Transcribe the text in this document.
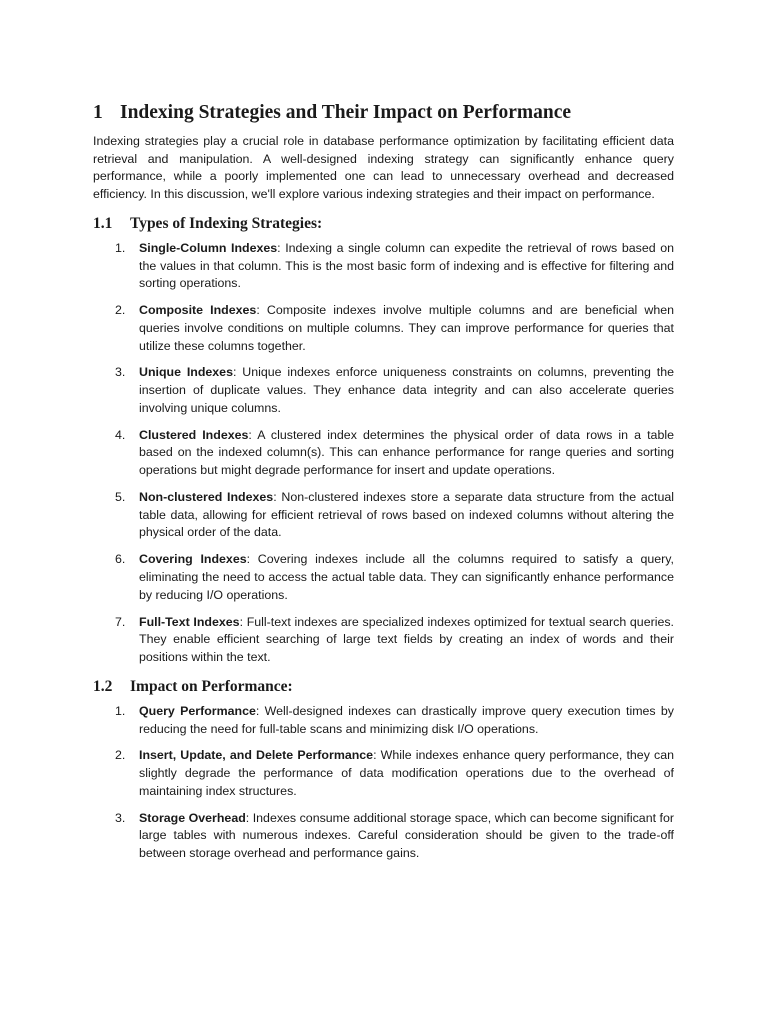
1 Indexing Strategies and Their Impact on Performance

Indexing strategies play a crucial role in database performance optimization by facilitating efficient data retrieval and manipulation. A well-designed indexing strategy can significantly enhance query performance, while a poorly implemented one can lead to unnecessary overhead and decreased efficiency. In this discussion, we'll explore various indexing strategies and their impact on performance.

1.1 Types of Indexing Strategies:
1. Single-Column Indexes: Indexing a single column can expedite the retrieval of rows based on the values in that column. This is the most basic form of indexing and is effective for filtering and sorting operations.
2. Composite Indexes: Composite indexes involve multiple columns and are beneficial when queries involve conditions on multiple columns. They can improve performance for queries that utilize these columns together.
3. Unique Indexes: Unique indexes enforce uniqueness constraints on columns, preventing the insertion of duplicate values. They enhance data integrity and can also accelerate queries involving unique columns.
4. Clustered Indexes: A clustered index determines the physical order of data rows in a table based on the indexed column(s). This can enhance performance for range queries and sorting operations but might degrade performance for insert and update operations.
5. Non-clustered Indexes: Non-clustered indexes store a separate data structure from the actual table data, allowing for efficient retrieval of rows based on indexed columns without altering the physical order of the data.
6. Covering Indexes: Covering indexes include all the columns required to satisfy a query, eliminating the need to access the actual table data. They can significantly enhance performance by reducing I/O operations.
7. Full-Text Indexes: Full-text indexes are specialized indexes optimized for textual search queries. They enable efficient searching of large text fields by creating an index of words and their positions within the text.
1.2 Impact on Performance:
1. Query Performance: Well-designed indexes can drastically improve query execution times by reducing the need for full-table scans and minimizing disk I/O operations.
2. Insert, Update, and Delete Performance: While indexes enhance query performance, they can slightly degrade the performance of data modification operations due to the overhead of maintaining index structures.
3. Storage Overhead: Indexes consume additional storage space, which can become significant for large tables with numerous indexes. Careful consideration should be given to the trade-off between storage overhead and performance gains.
